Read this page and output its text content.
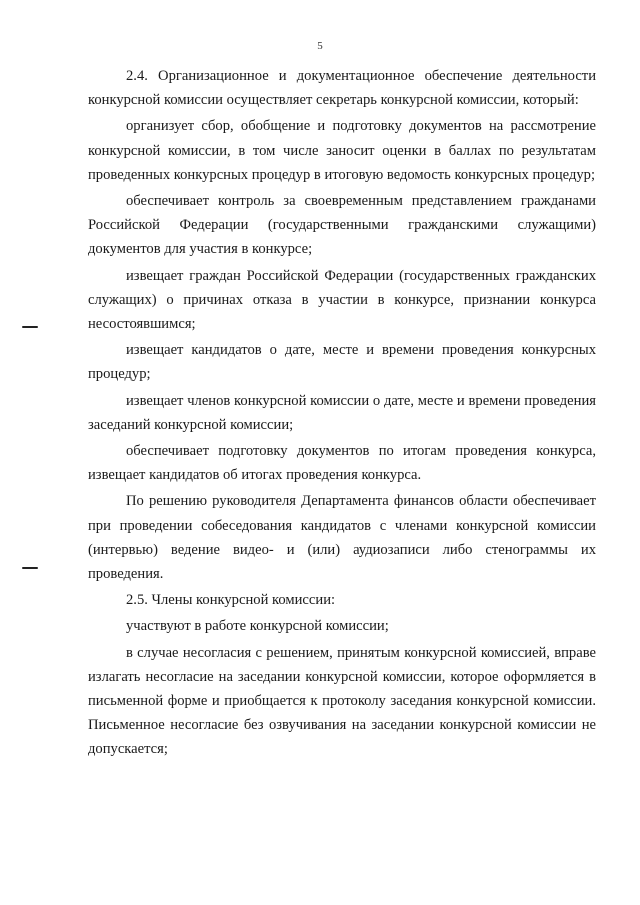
5

2.4. Организационное и документационное обеспечение деятельности конкурсной комиссии осуществляет секретарь конкурсной комиссии, который:

организует сбор, обобщение и подготовку документов на рассмотрение конкурсной комиссии, в том числе заносит оценки в баллах по результатам проведенных конкурсных процедур в итоговую ведомость конкурсных процедур;

обеспечивает контроль за своевременным представлением гражданами Российской Федерации (государственными гражданскими служащими) документов для участия в конкурсе;

извещает граждан Российской Федерации (государственных гражданских служащих) о причинах отказа в участии в конкурсе, признании конкурса несостоявшимся;

извещает кандидатов о дате, месте и времени проведения конкурсных процедур;

извещает членов конкурсной комиссии о дате, месте и времени проведения заседаний конкурсной комиссии;

обеспечивает подготовку документов по итогам проведения конкурса, извещает кандидатов об итогах проведения конкурса.

По решению руководителя Департамента финансов области обеспечивает при проведении собеседования кандидатов с членами конкурсной комиссии (интервью) ведение видео- и (или) аудиозаписи либо стенограммы их проведения.

2.5. Члены конкурсной комиссии:

участвуют в работе конкурсной комиссии;

в случае несогласия с решением, принятым конкурсной комиссией, вправе излагать несогласие на заседании конкурсной комиссии, которое оформляется в письменной форме и приобщается к протоколу заседания конкурсной комиссии. Письменное несогласие без озвучивания на заседании конкурсной комиссии не допускается;
